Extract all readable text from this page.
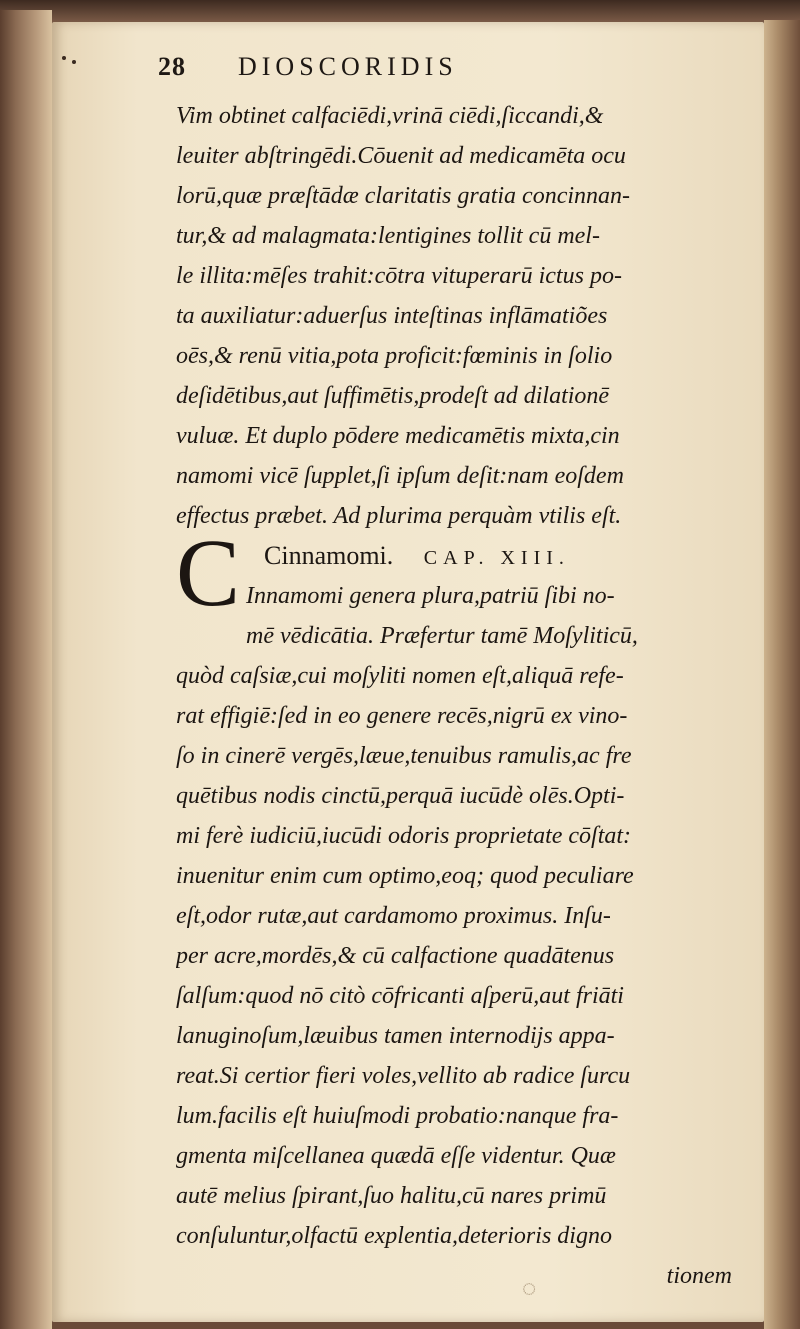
28 DIOSCORIDIS
Vim obtinet calfaciēdi,vrinā ciēdi,ſiccandi,&
leuiter abſtringēdi.Cōuenit ad medicamēta ocu
lorū,quæ præſtādæ claritatis gratia concinnan-
tur,& ad malagmata:lentigines tollit cū mel-
le illita:mēſes trahit:cōtra vituperarū ictus po-
ta auxiliatur:aduerſus inteſtinas inflāmatiões
oēs,& renū vitia,pota proficit:fœminis in ſolio
deſidētibus,aut ſuffimētis,prodeſt ad dilationē
vuluæ. Et duplo pōdere medicamētis mixta,cin
namomi vicē ſupplet,ſi ipſum deſit:nam eoſdem
effectus præbet. Ad plurima perquàm vtilis eſt.
Cinnamomi. CAP. XIII.
Innamomi genera plura,patriū ſibi no-
mē vēdicātia. Præfertur tamē Moſyliticū,
quòd caſsiæ,cui moſyliti nomen eſt,aliquā refe-
rat effigiē:ſed in eo genere recēs,nigrū ex vino-
ſo in cinerē vergēs,læue,tenuibus ramulis,ac fre
quētibus nodis cinctū,perquā iucūdè olēs.Opti-
mi ferè iudiciū,iucūdi odoris proprietate cōſtat:
inuenitur enim cum optimo,eoq; quod peculiare
eſt,odor rutæ,aut cardamomo proximus. Inſu-
per acre,mordēs,& cū calfactione quadātenus
ſalſum:quod nō citò cōfricanti aſperū,aut friāti
lanuginoſum,læuibus tamen internodijs appa-
reat.Si certior fieri voles,vellito ab radice ſurcu
lum.facilis eſt huiuſmodi probatio:nanque fra-
gmenta miſcellanea quædā eſſe videntur. Quæ
autē melius ſpirant,ſuo halitu,cū nares primū
conſuluntur,olfactū explentia,deterioris digno
tionem
C
◌
